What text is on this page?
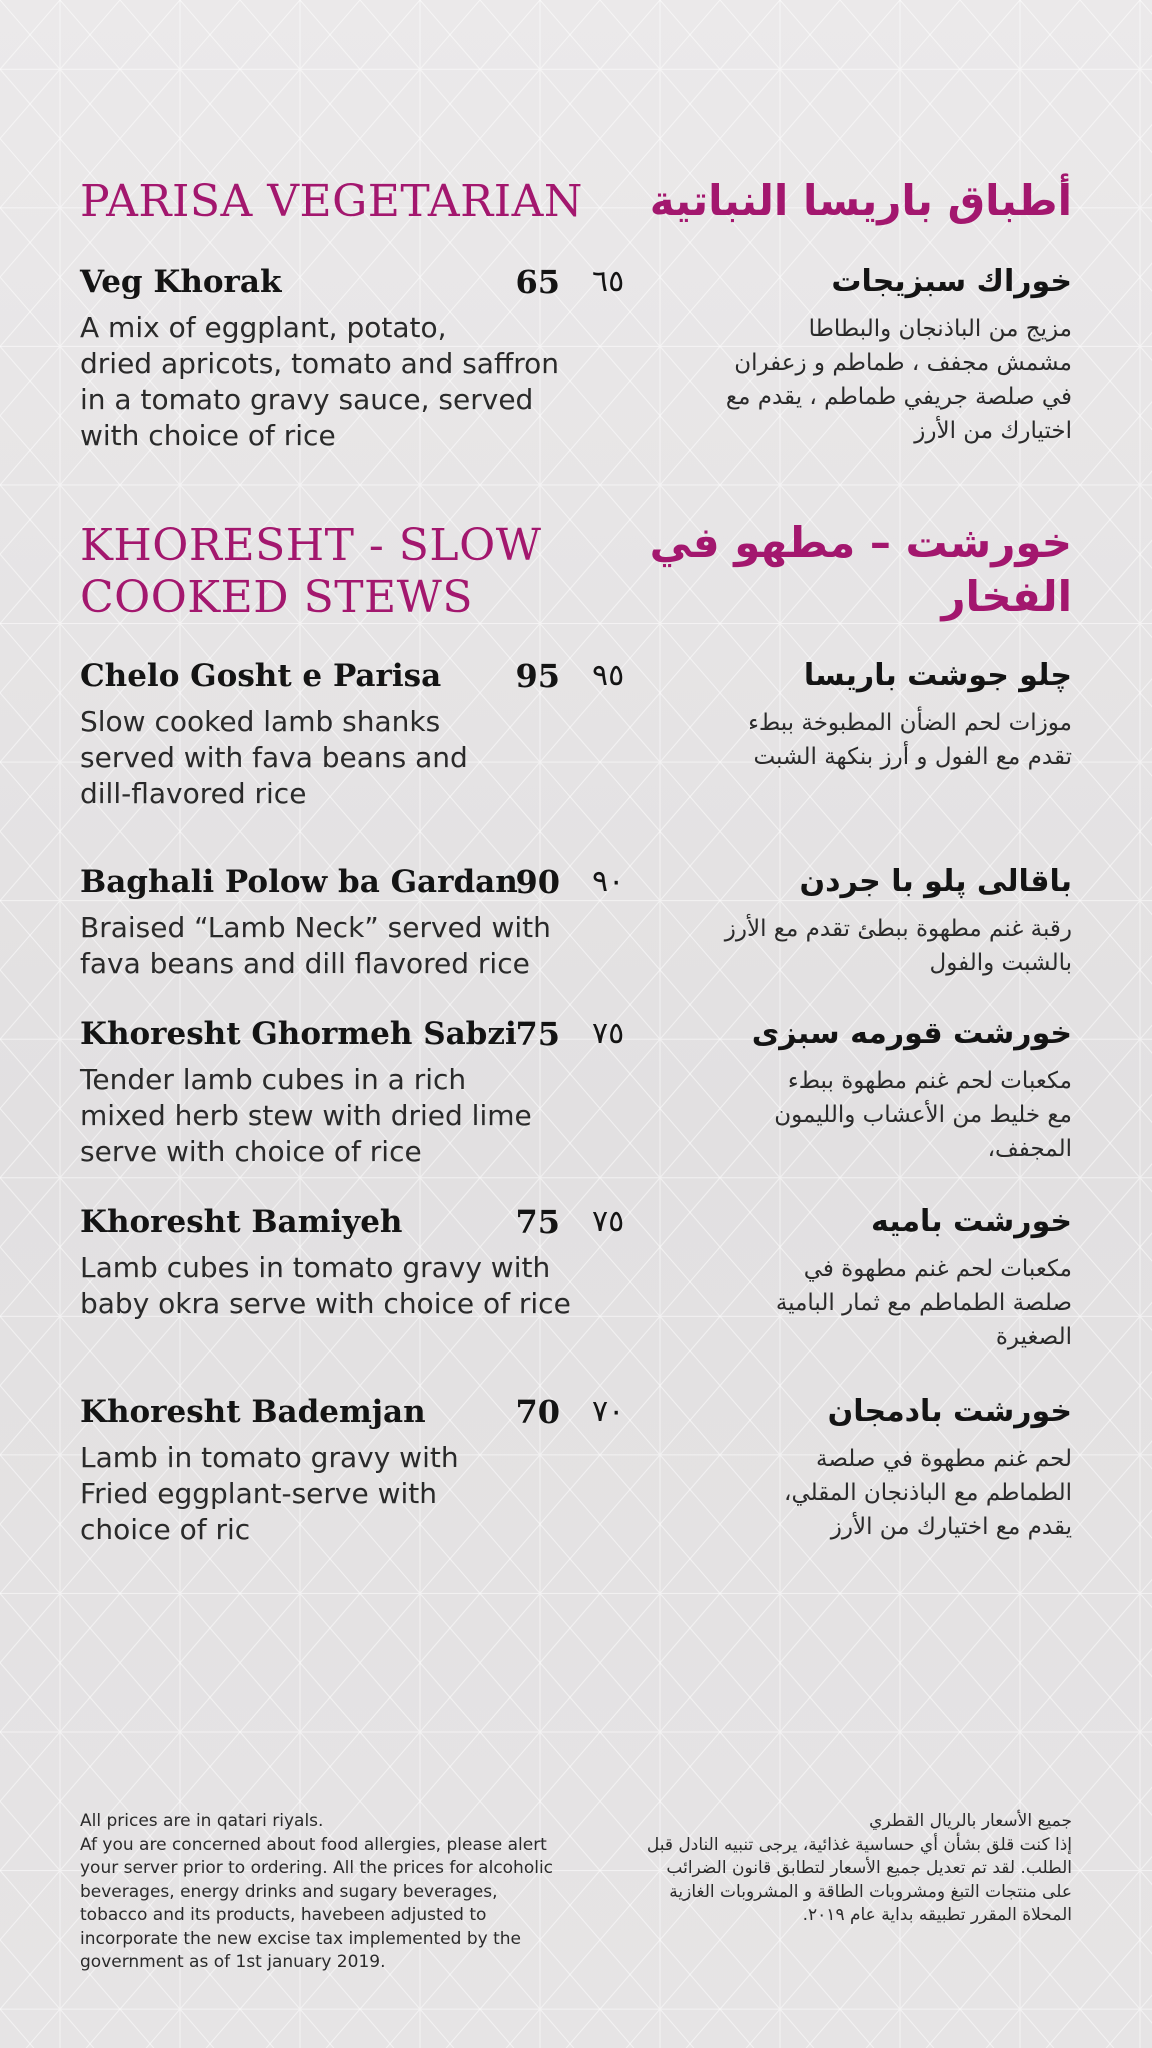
PARISA VEGETARIAN	أطباق باريسا النباتية
Veg Khorak	65 ٦٥
A mix of eggplant, potato,
dried apricots, tomato and saffron
in a tomato gravy sauce, served
with choice of rice
خوراك سبزيجات
مزيج من الباذنجان والبطاطا
مشمش مجفف ، طماطم و زعفران
في صلصة جريفي طماطم ، يقدم مع
اختيارك من الأرز
KHORESHT - SLOW
COOKED STEWS
خورشت – مطهو في
الفخار
Chelo Gosht e Parisa	95 ٩٥
Slow cooked lamb shanks
served with fava beans and
dill-flavored rice
چلو جوشت باريسا
موزات لحم الضأن المطبوخة ببطء
تقدم مع الفول و أرز بنكهة الشبت
Baghali Polow ba Gardan
90 ٩٠
Braised “Lamb Neck” served with
fava beans and dill flavored rice
باقالى پلو با جردن
رقبة غنم مطهوة ببطئ تقدم مع الأرز
بالشبت والفول
Khoresht Ghormeh Sabzi
75 ٧٥
Tender lamb cubes in a rich
mixed herb stew with dried lime
serve with choice of rice
خورشت قورمه سبزى
مكعبات لحم غنم مطهوة ببطء
مع خليط من الأعشاب والليمون
المجفف،
Khoresht Bamiyeh	75 ٧٥
Lamb cubes in tomato gravy with
baby okra serve with choice of rice
خورشت باميه
مكعبات لحم غنم مطهوة في
صلصة الطماطم مع ثمار البامية
الصغيرة
Khoresht Bademjan	70 ٧٠
Lamb in tomato gravy with
Fried eggplant-serve with
choice of ric
خورشت بادمجان
لحم غنم مطهوة في صلصة
الطماطم مع الباذنجان المقلي،
يقدم مع اختيارك من الأرز

All prices are in qatari riyals.

Af you are concerned about food allergies, please alert your server prior to ordering. All the prices for alcoholic beverages, energy drinks and sugary beverages, tobacco and its products, havebeen adjusted to incorporate the new excise tax implemented by the government as of 1st january 2019.

جميع الأسعار بالريال القطري
إذا كنت قلق بشأن أي حساسية غذائية، يرجى تنبيه النادل قبل
الطلب. لقد تم تعديل جميع الأسعار لتطابق قانون الضرائب
على منتجات التبغ ومشروبات الطاقة و المشروبات الغازية
المحلاة المقرر تطبيقه بداية عام ٢٠١٩.
